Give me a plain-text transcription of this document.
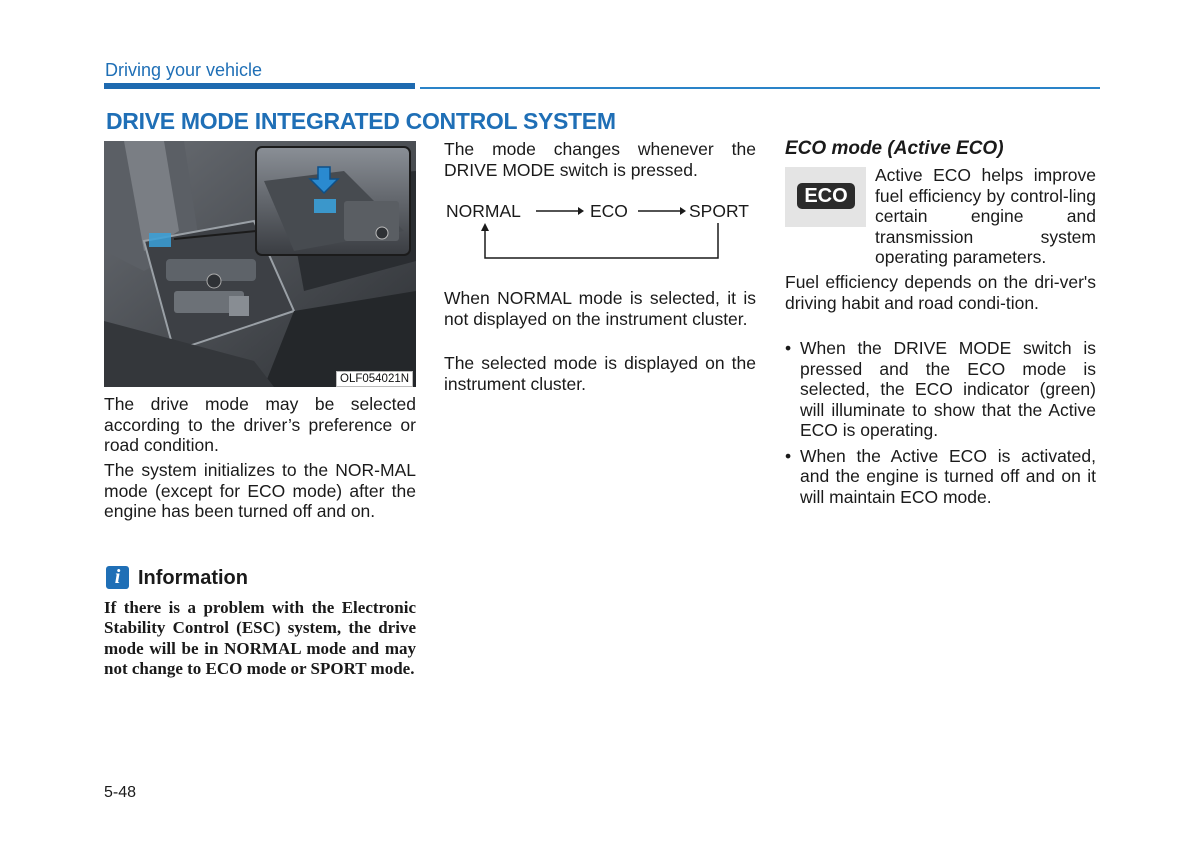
Driving your vehicle
DRIVE MODE INTEGRATED CONTROL SYSTEM
OLF054021N

The drive mode may be selected according to the driver’s preference or road condition.

The system initializes to the NOR-MAL mode (except for ECO mode) after the engine has been turned off and on.

i Information

If there is a problem with the Electronic Stability Control (ESC) system, the drive mode will be in NORMAL mode and may not change to ECO mode or SPORT mode.

The mode changes whenever the DRIVE MODE switch is pressed.

NORMAL	ECO	SPORT

When NORMAL mode is selected, it is not displayed on the instrument cluster.

The selected mode is displayed on the instrument cluster.

ECO mode (Active ECO)
ECO

Active ECO helps improve fuel efficiency by control-ling certain engine and transmission system operating parameters.

Fuel efficiency depends on the dri-ver's driving habit and road condi-tion.

• When the DRIVE MODE switch is pressed and the ECO mode is selected, the ECO indicator (green) will illuminate to show that the Active ECO is operating.
• When the Active ECO is activated, and the engine is turned off and on it will maintain ECO mode.
5-48
